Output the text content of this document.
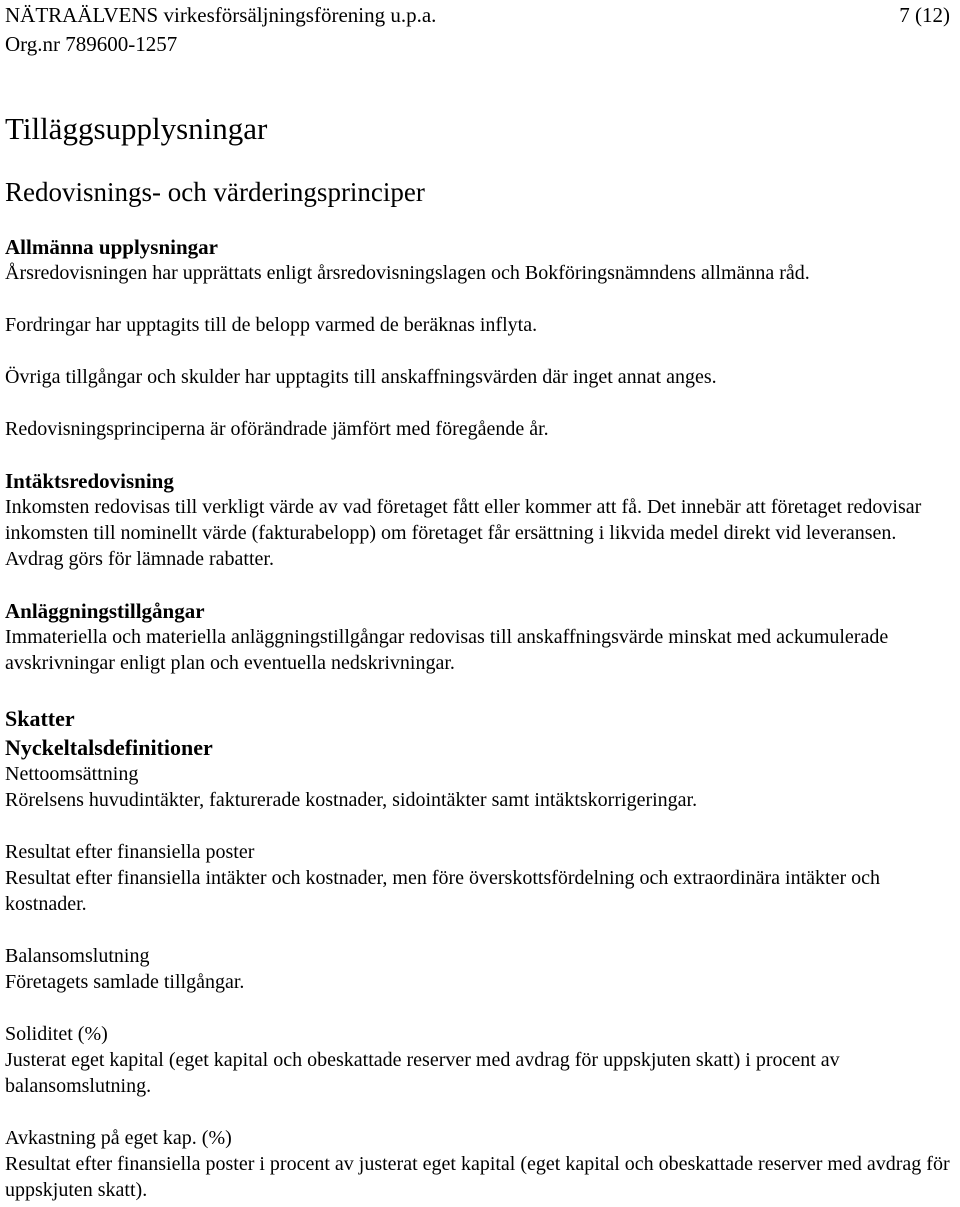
NÄTRAÄLVENS virkesförsäljningsförening u.p.a.	7 (12)
Org.nr 789600-1257
Tilläggsupplysningar
Redovisnings- och värderingsprinciper
Allmänna upplysningar

Årsredovisningen har upprättats enligt årsredovisningslagen och Bokföringsnämndens allmänna råd.

Fordringar har upptagits till de belopp varmed de beräknas inflyta.

Övriga tillgångar och skulder har upptagits till anskaffningsvärden där inget annat anges.

Redovisningsprinciperna är oförändrade jämfört med föregående år.

Intäktsredovisning

Inkomsten redovisas till verkligt värde av vad företaget fått eller kommer att få. Det innebär att företaget redovisar inkomsten till nominellt värde (fakturabelopp) om företaget får ersättning i likvida medel direkt vid leveransen. Avdrag görs för lämnade rabatter.

Anläggningstillgångar

Immateriella och materiella anläggningstillgångar redovisas till anskaffningsvärde minskat med ackumulerade avskrivningar enligt plan och eventuella nedskrivningar.

Skatter
Nyckeltalsdefinitioner

Nettoomsättning

Rörelsens huvudintäkter, fakturerade kostnader, sidointäkter samt intäktskorrigeringar.

Resultat efter finansiella poster

Resultat efter finansiella intäkter och kostnader, men före överskottsfördelning och extraordinära intäkter och kostnader.

Balansomslutning

Företagets samlade tillgångar.

Soliditet (%)

Justerat eget kapital (eget kapital och obeskattade reserver med avdrag för uppskjuten skatt) i procent av balansomslutning.

Avkastning på eget kap. (%)

Resultat efter finansiella poster i procent av justerat eget kapital (eget kapital och obeskattade reserver med avdrag för uppskjuten skatt).
